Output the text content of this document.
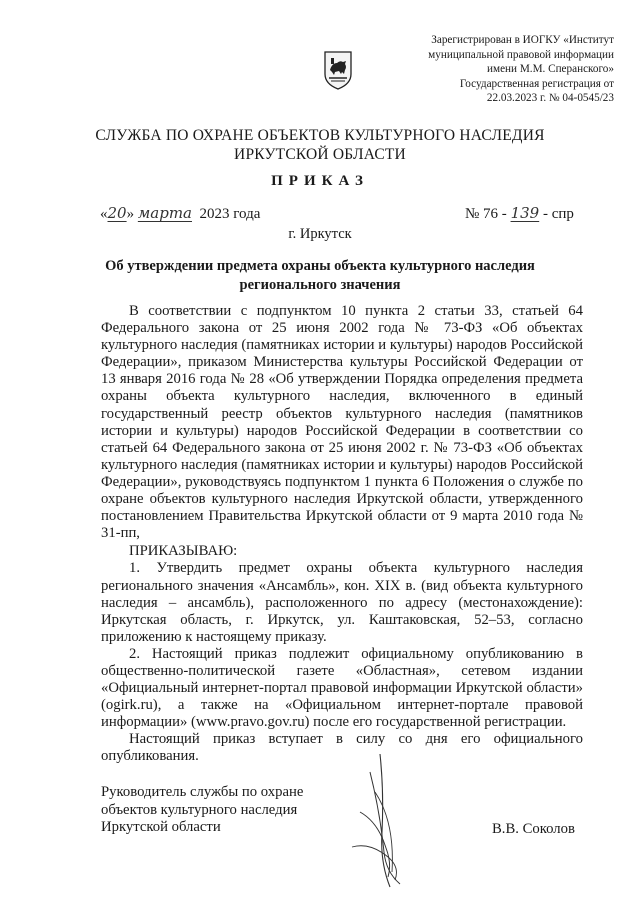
Зарегистрирован в ИОГКУ «Институт
муниципальной правовой информации
имени М.М. Сперанского»
Государственная регистрация от
22.03.2023 г. № 04-0545/23
СЛУЖБА ПО ОХРАНЕ ОБЪЕКТОВ КУЛЬТУРНОГО НАСЛЕДИЯ
ИРКУТСКОЙ ОБЛАСТИ
ПРИКАЗ
«20» марта 2023 года	№ 76 - 139 - спр
г. Иркутск
Об утверждении предмета охраны объекта культурного наследия
регионального значения

В соответствии с подпунктом 10 пункта 2 статьи 33, статьей 64 Федерального закона от 25 июня 2002 года № 73-ФЗ «Об объектах культурного наследия (памятниках истории и культуры) народов Российской Федерации», приказом Министерства культуры Российской Федерации от 13 января 2016 года № 28 «Об утверждении Порядка определения предмета охраны объекта культурного наследия, включенного в единый государственный реестр объектов культурного наследия (памятников истории и культуры) народов Российской Федерации в соответствии со статьей 64 Федерального закона от 25 июня 2002 г. № 73-ФЗ «Об объектах культурного наследия (памятниках истории и культуры) народов Российской Федерации», руководствуясь подпунктом 1 пункта 6 Положения о службе по охране объектов культурного наследия Иркутской области, утвержденного постановлением Правительства Иркутской области от 9 марта 2010 года № 31-пп,

ПРИКАЗЫВАЮ:

1. Утвердить предмет охраны объекта культурного наследия регионального значения «Ансамбль», кон. XIX в. (вид объекта культурного наследия – ансамбль), расположенного по адресу (местонахождение): Иркутская область, г. Иркутск, ул. Каштаковская, 52–53, согласно приложению к настоящему приказу.

2. Настоящий приказ подлежит официальному опубликованию в общественно-политической газете «Областная», сетевом издании «Официальный интернет-портал правовой информации Иркутской области» (ogirk.ru), а также на «Официальном интернет-портале правовой информации» (www.pravo.gov.ru) после его государственной регистрации.

Настоящий приказ вступает в силу со дня его официального опубликования.

Руководитель службы по охране
объектов культурного наследия
Иркутской области	В.В. Соколов
